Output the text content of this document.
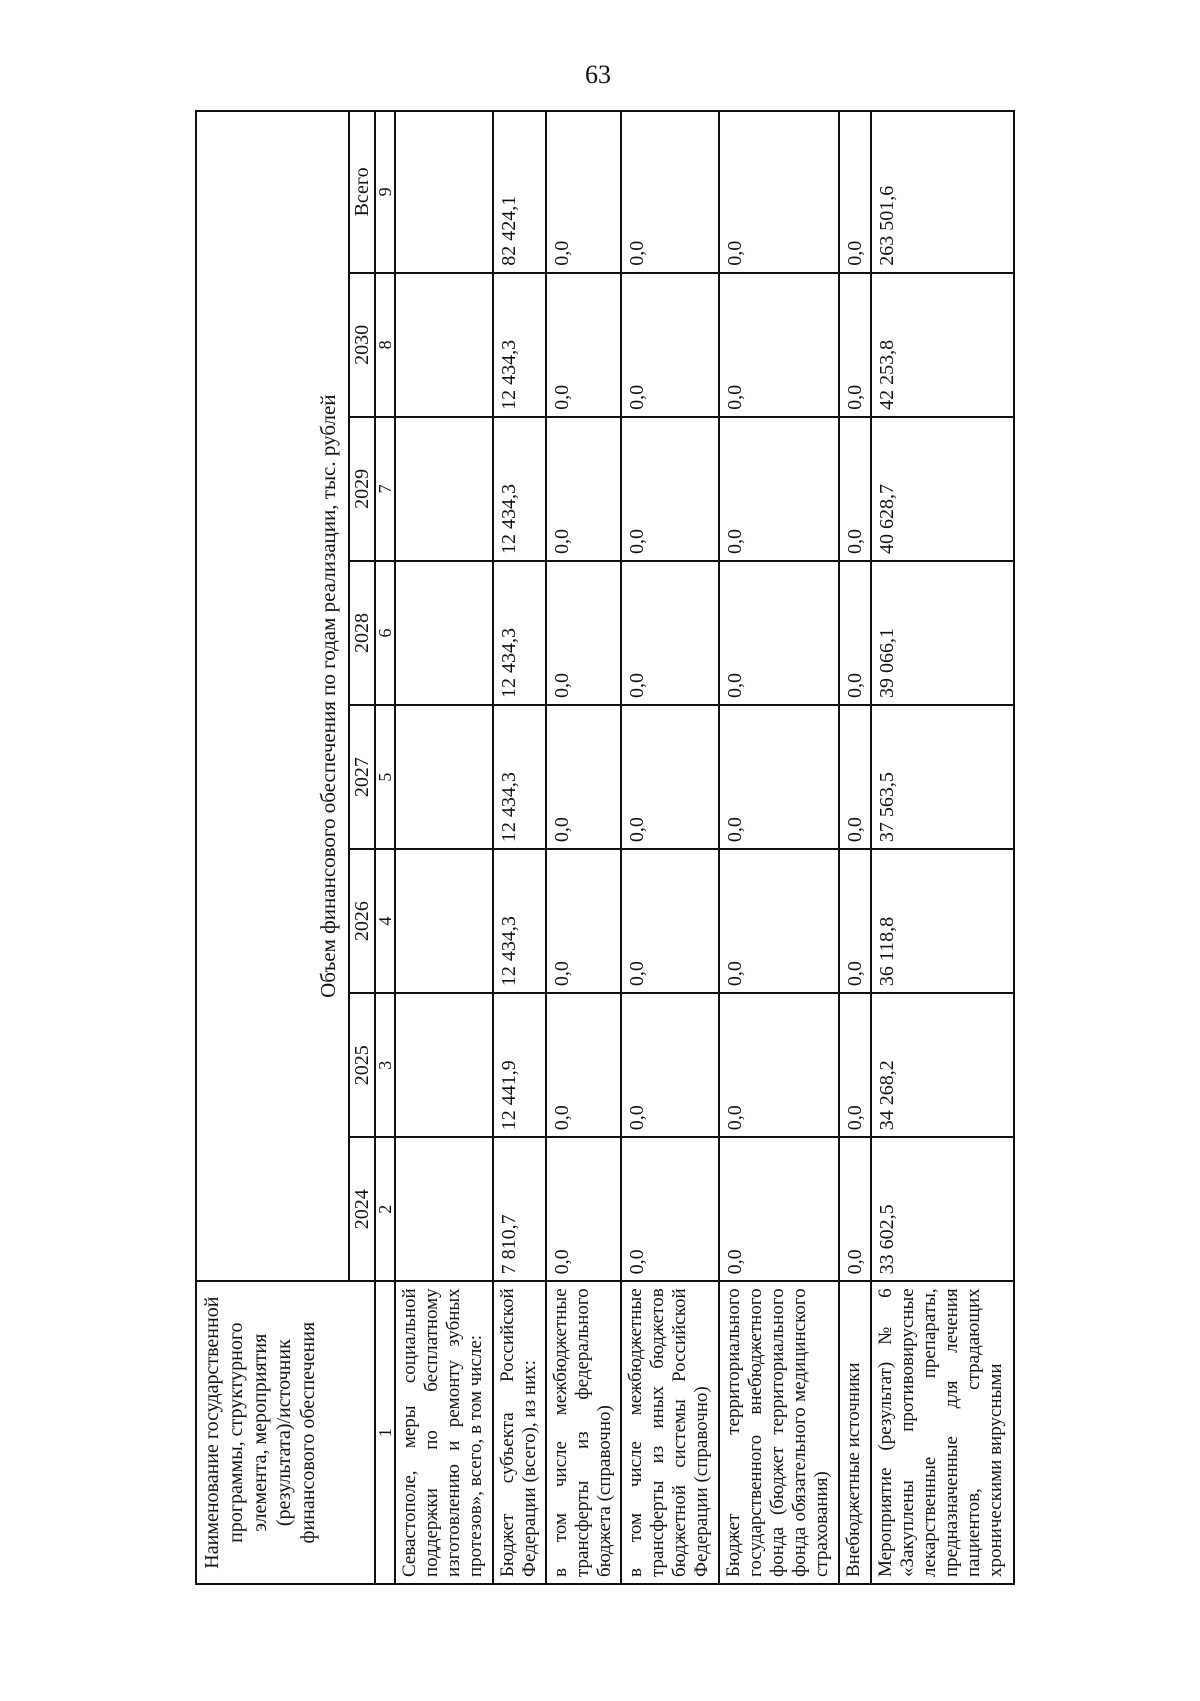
63
Наименование государственной программы, структурного элемента, мероприятия (результата)/источник финансового обеспечения	Объем финансового обеспечения по годам реализации, тыс. рублей							
	2024	2025	2026	2027	2028	2029	2030	Всего
1	2	3	4	5	6	7	8	9
Севастополе, меры социальной поддержки по бесплатному изготовлению и ремонту зубных протезов», всего, в том числе:								
Бюджет субъекта Российской Федерации (всего), из них:	7 810,7	12 441,9	12 434,3	12 434,3	12 434,3	12 434,3	12 434,3	82 424,1
в том числе межбюджетные трансферты из федерального бюджета (справочно)	0,0	0,0	0,0	0,0	0,0	0,0	0,0	0,0
в том числе межбюджетные трансферты из иных бюджетов бюджетной системы Российской Федерации (справочно)	0,0	0,0	0,0	0,0	0,0	0,0	0,0	0,0
Бюджет территориального государственного внебюджетного фонда (бюджет территориального фонда обязательного медицинского страхования)	0,0	0,0	0,0	0,0	0,0	0,0	0,0	0,0
Внебюджетные источники	0,0	0,0	0,0	0,0	0,0	0,0	0,0	0,0
Мероприятие (результат) № 6 «Закуплены противовирусные лекарственные препараты, предназначенные для лечения пациентов, страдающих хроническими вирусными	33 602,5	34 268,2	36 118,8	37 563,5	39 066,1	40 628,7	42 253,8	263 501,6
